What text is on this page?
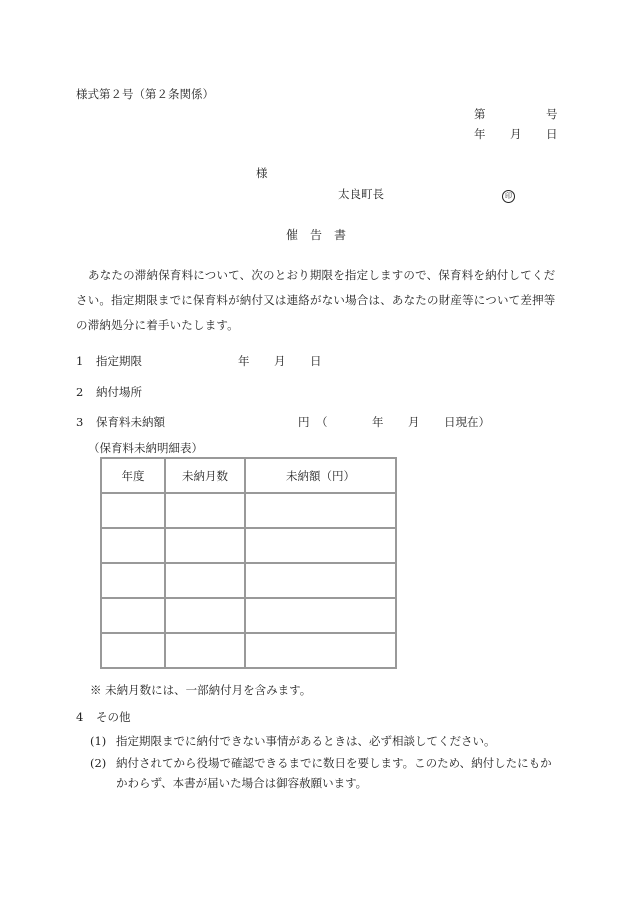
様式第２号（第２条関係）
第	号
年 月 日
様
太良町長	印
催　告　書
あなたの滞納保育料について、次のとおり期限を指定しますので、保育料を納付してください。指定期限までに保育料が納付又は連絡がない場合は、あなたの財産等について差押等の滞納処分に着手いたします。
1 指定期限	年 月 日
2 納付場所
3 保育料未納額	円 （	年 月 日現在）
（保育料未納明細表）
年度	未納月数	未納額（円）

※ 未納月数には、一部納付月を含みます。
4 その他
(1) 指定期限までに納付できない事情があるときは、必ず相談してください。
(2) 納付されてから役場で確認できるまでに数日を要します。このため、納付したにもかかわらず、本書が届いた場合は御容赦願います。
